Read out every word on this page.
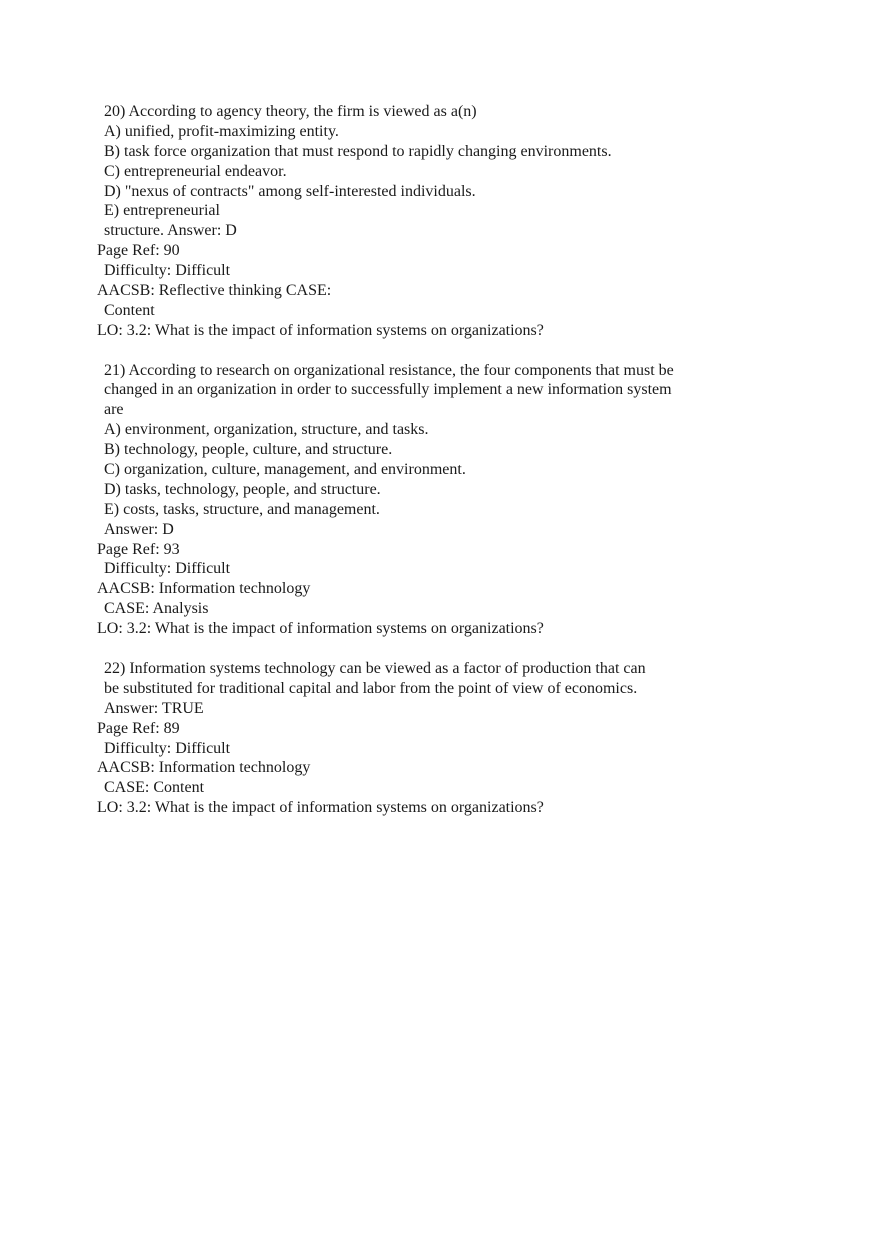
20) According to agency theory, the firm is viewed as a(n)
A) unified, profit-maximizing entity.
B) task force organization that must respond to rapidly changing environments.
C) entrepreneurial endeavor.
D) "nexus of contracts" among self-interested individuals.
E) entrepreneurial
structure. Answer: D
Page Ref: 90
Difficulty: Difficult
AACSB: Reflective thinking CASE:
Content
LO: 3.2: What is the impact of information systems on organizations?
21) According to research on organizational resistance, the four components that must be
changed in an organization in order to successfully implement a new information system
are
A) environment, organization, structure, and tasks.
B) technology, people, culture, and structure.
C) organization, culture, management, and environment.
D) tasks, technology, people, and structure.
E) costs, tasks, structure, and management.
Answer: D
Page Ref: 93
Difficulty: Difficult
AACSB: Information technology
CASE: Analysis
LO: 3.2: What is the impact of information systems on organizations?
22) Information systems technology can be viewed as a factor of production that can
be substituted for traditional capital and labor from the point of view of economics.
Answer: TRUE
Page Ref: 89
Difficulty: Difficult
AACSB: Information technology
CASE: Content
LO: 3.2: What is the impact of information systems on organizations?
